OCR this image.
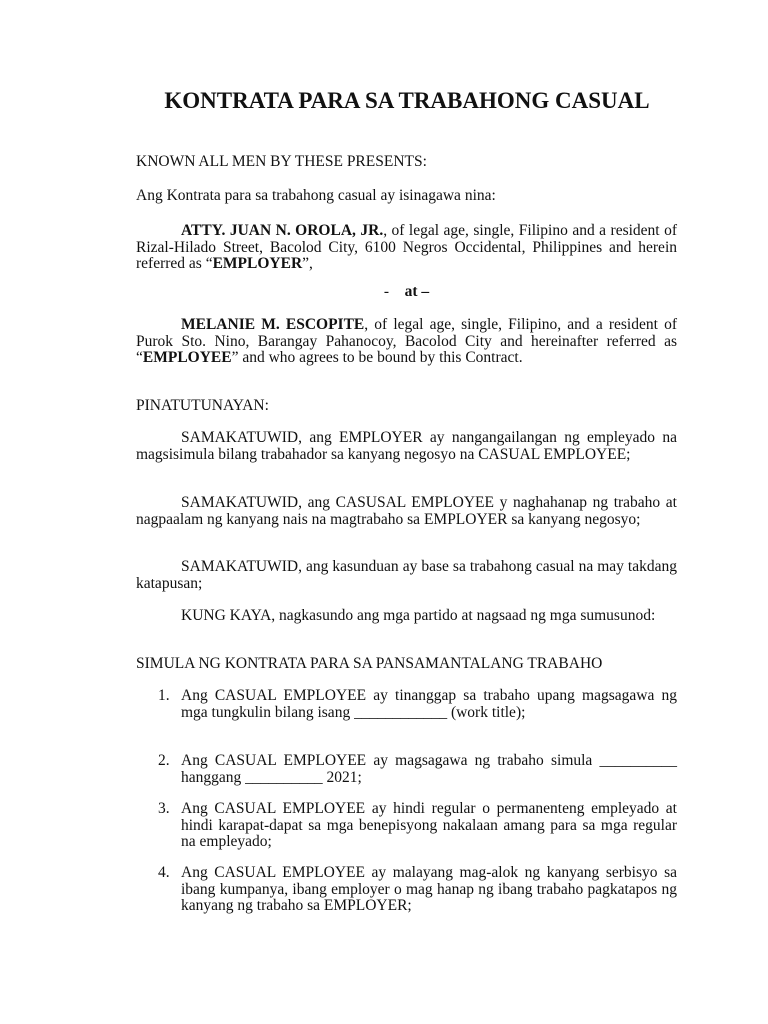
KONTRATA PARA SA TRABAHONG CASUAL

KNOWN ALL MEN BY THESE PRESENTS:

Ang Kontrata para sa trabahong casual ay isinagawa nina:

ATTY. JUAN N. OROLA, JR., of legal age, single, Filipino and a resident of Rizal-Hilado Street, Bacolod City, 6100 Negros Occidental, Philippines and herein referred as “EMPLOYER”,

- at –

MELANIE M. ESCOPITE, of legal age, single, Filipino, and a resident of Purok Sto. Nino, Barangay Pahanocoy, Bacolod City and hereinafter referred as “EMPLOYEE” and who agrees to be bound by this Contract.

PINATUTUNAYAN:

SAMAKATUWID, ang EMPLOYER ay nangangailangan ng empleyado na magsisimula bilang trabahador sa kanyang negosyo na CASUAL EMPLOYEE;

SAMAKATUWID, ang CASUSAL EMPLOYEE y naghahanap ng trabaho at nagpaalam ng kanyang nais na magtrabaho sa EMPLOYER sa kanyang negosyo;

SAMAKATUWID, ang kasunduan ay base sa trabahong casual na may takdang katapusan;

KUNG KAYA, nagkasundo ang mga partido at nagsaad ng mga sumusunod:

SIMULA NG KONTRATA PARA SA PANSAMANTALANG TRABAHO

1. Ang CASUAL EMPLOYEE ay tinanggap sa trabaho upang magsagawa ng mga tungkulin bilang isang ____________ (work title);
2. Ang CASUAL EMPLOYEE ay magsagawa ng trabaho simula __________ hanggang __________ 2021;
3. Ang CASUAL EMPLOYEE ay hindi regular o permanenteng empleyado at hindi karapat-dapat sa mga benepisyong nakalaan amang para sa mga regular na empleyado;
4. Ang CASUAL EMPLOYEE ay malayang mag-alok ng kanyang serbisyo sa ibang kumpanya, ibang employer o mag hanap ng ibang trabaho pagkatapos ng kanyang ng trabaho sa EMPLOYER;
